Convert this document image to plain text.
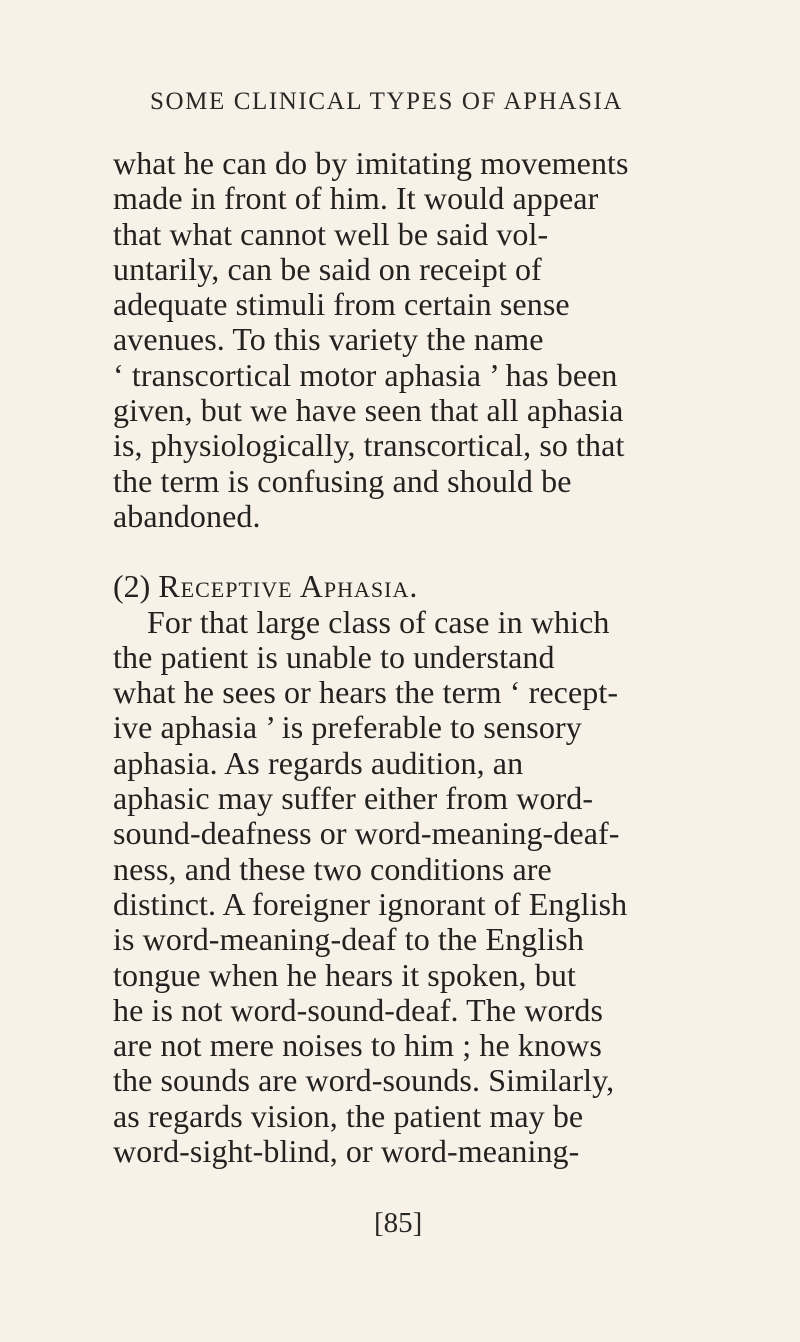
SOME CLINICAL TYPES OF APHASIA
what he can do by imitating movements
made in front of him. It would appear
that what cannot well be said vol-
untarily, can be said on receipt of
adequate stimuli from certain sense
avenues. To this variety the name
‘ transcortical motor aphasia ’ has been
given, but we have seen that all aphasia
is, physiologically, transcortical, so that
the term is confusing and should be
abandoned.
(2) Receptive Aphasia.
For that large class of case in which
the patient is unable to understand
what he sees or hears the term ‘ recept-
ive aphasia ’ is preferable to sensory
aphasia. As regards audition, an
aphasic may suffer either from word-
sound-deafness or word-meaning-deaf-
ness, and these two conditions are
distinct. A foreigner ignorant of English
is word-meaning-deaf to the English
tongue when he hears it spoken, but
he is not word-sound-deaf. The words
are not mere noises to him ; he knows
the sounds are word-sounds. Similarly,
as regards vision, the patient may be
word-sight-blind, or word-meaning-
[85]
